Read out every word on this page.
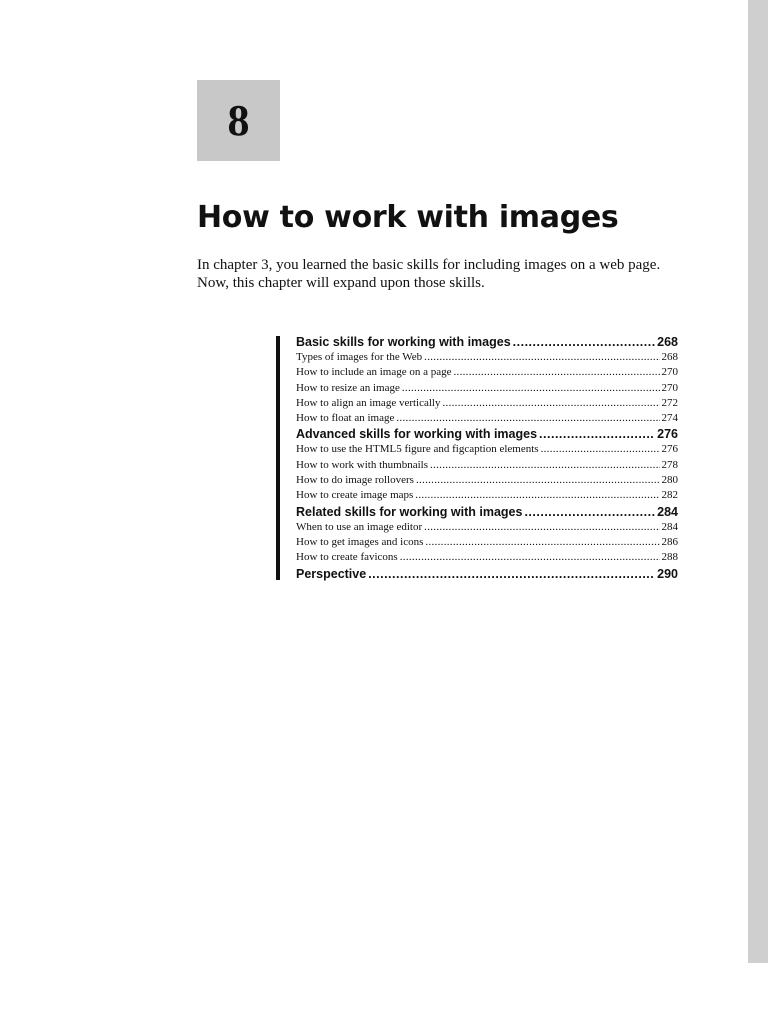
8
How to work with images
In chapter 3, you learned the basic skills for including images on a web page.
Now, this chapter will expand upon those skills.
Basic skills for working with images .....	268
Types of images for the Web .....	268
How to include an image on a page .....	270
How to resize an image .....	270
How to align an image vertically .....	272
How to float an image .....	274
Advanced skills for working with images .....	276
How to use the HTML5 figure and figcaption elements .....	276
How to work with thumbnails .....	278
How to do image rollovers .....	280
How to create image maps .....	282
Related skills for working with images .....	284
When to use an image editor .....	284
How to get images and icons .....	286
How to create favicons .....	288
Perspective .....	290
